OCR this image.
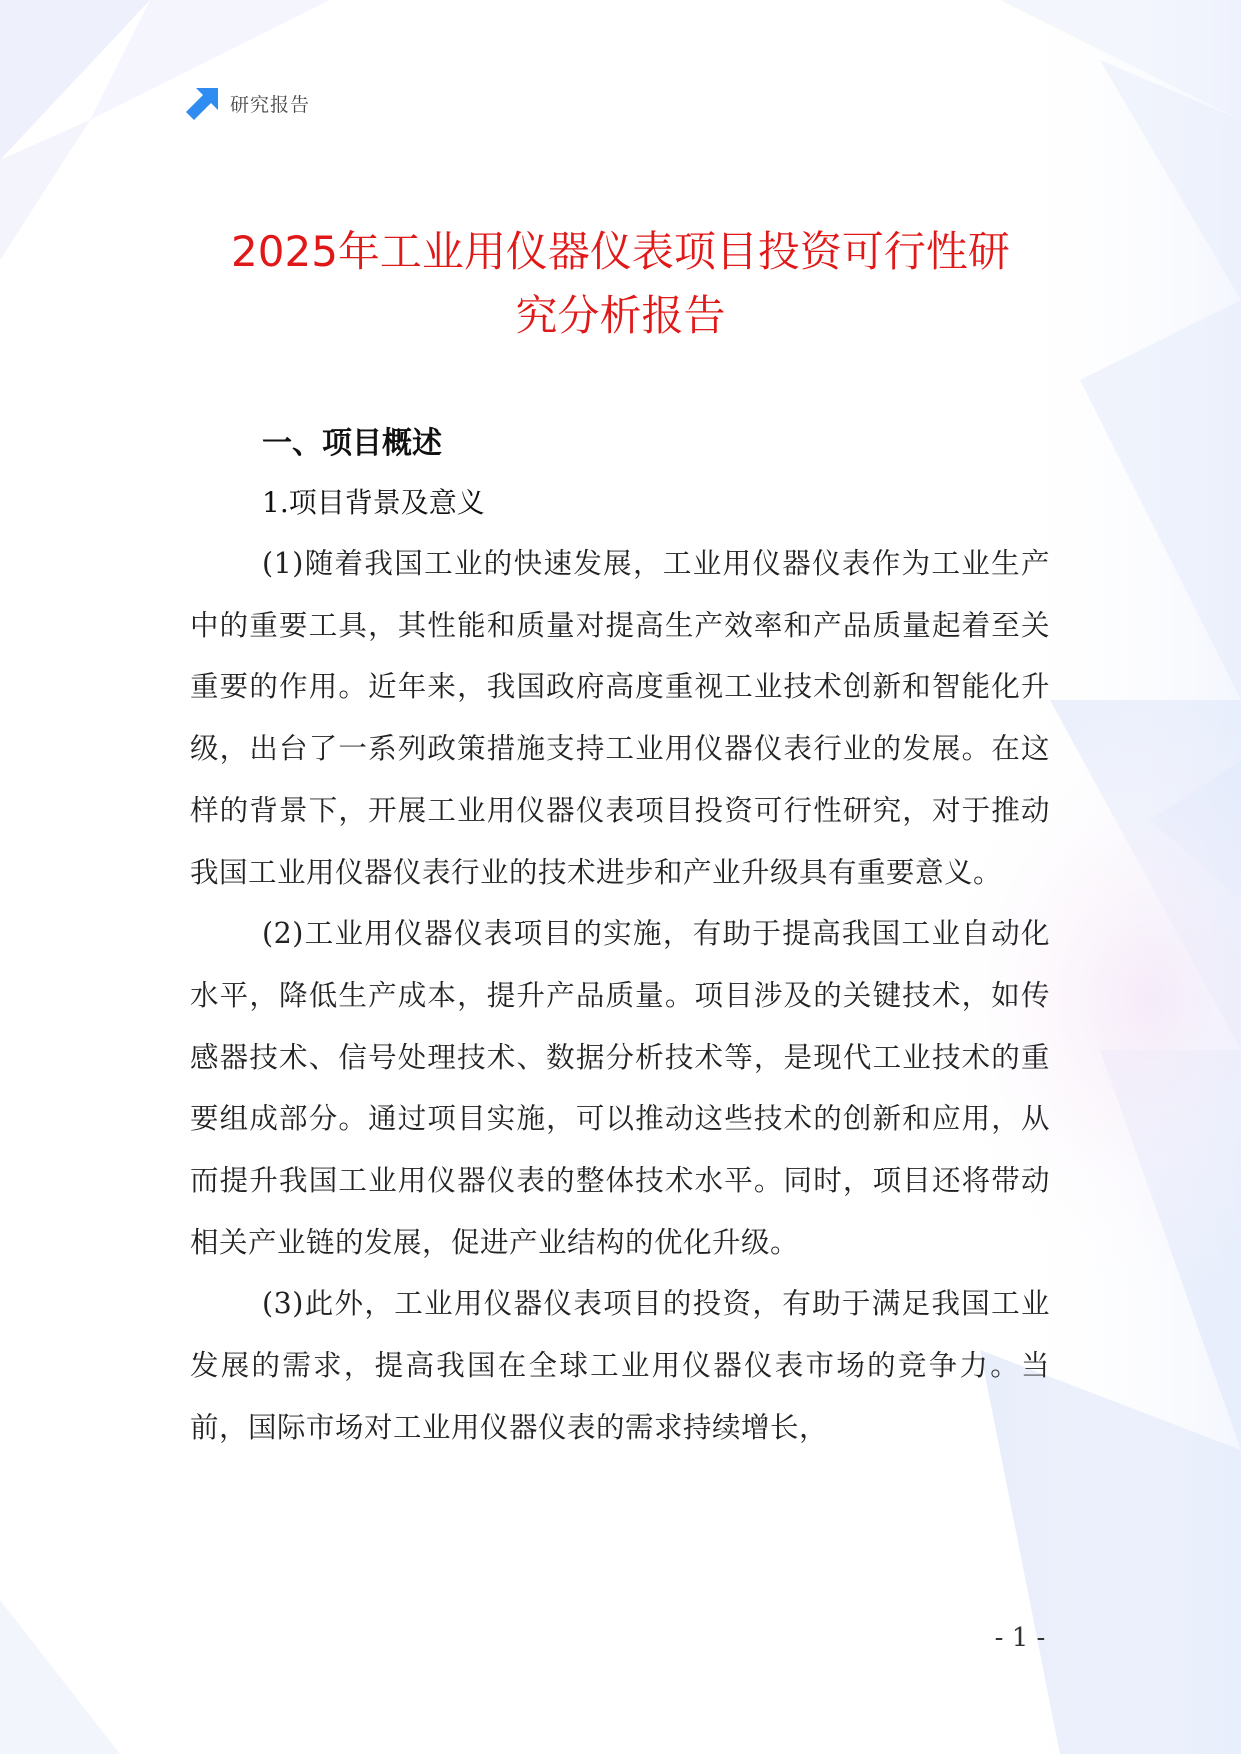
研究报告
2025年工业用仪器仪表项目投资可行性研
究分析报告
一、项目概述
1.项目背景及意义

(1)随着我国工业的快速发展，工业用仪器仪表作为工业生产中的重要工具，其性能和质量对提高生产效率和产品质量起着至关重要的作用。近年来，我国政府高度重视工业技术创新和智能化升级，出台了一系列政策措施支持工业用仪器仪表行业的发展。在这样的背景下，开展工业用仪器仪表项目投资可行性研究，对于推动我国工业用仪器仪表行业的技术进步和产业升级具有重要意义。

(2)工业用仪器仪表项目的实施，有助于提高我国工业自动化水平，降低生产成本，提升产品质量。项目涉及的关键技术，如传感器技术、信号处理技术、数据分析技术等，是现代工业技术的重要组成部分。通过项目实施，可以推动这些技术的创新和应用，从而提升我国工业用仪器仪表的整体技术水平。同时，项目还将带动相关产业链的发展，促进产业结构的优化升级。

(3)此外，工业用仪器仪表项目的投资，有助于满足我国工业发展的需求，提高我国在全球工业用仪器仪表市场的竞争力。当前，国际市场对工业用仪器仪表的需求持续增长，

- 1 -
